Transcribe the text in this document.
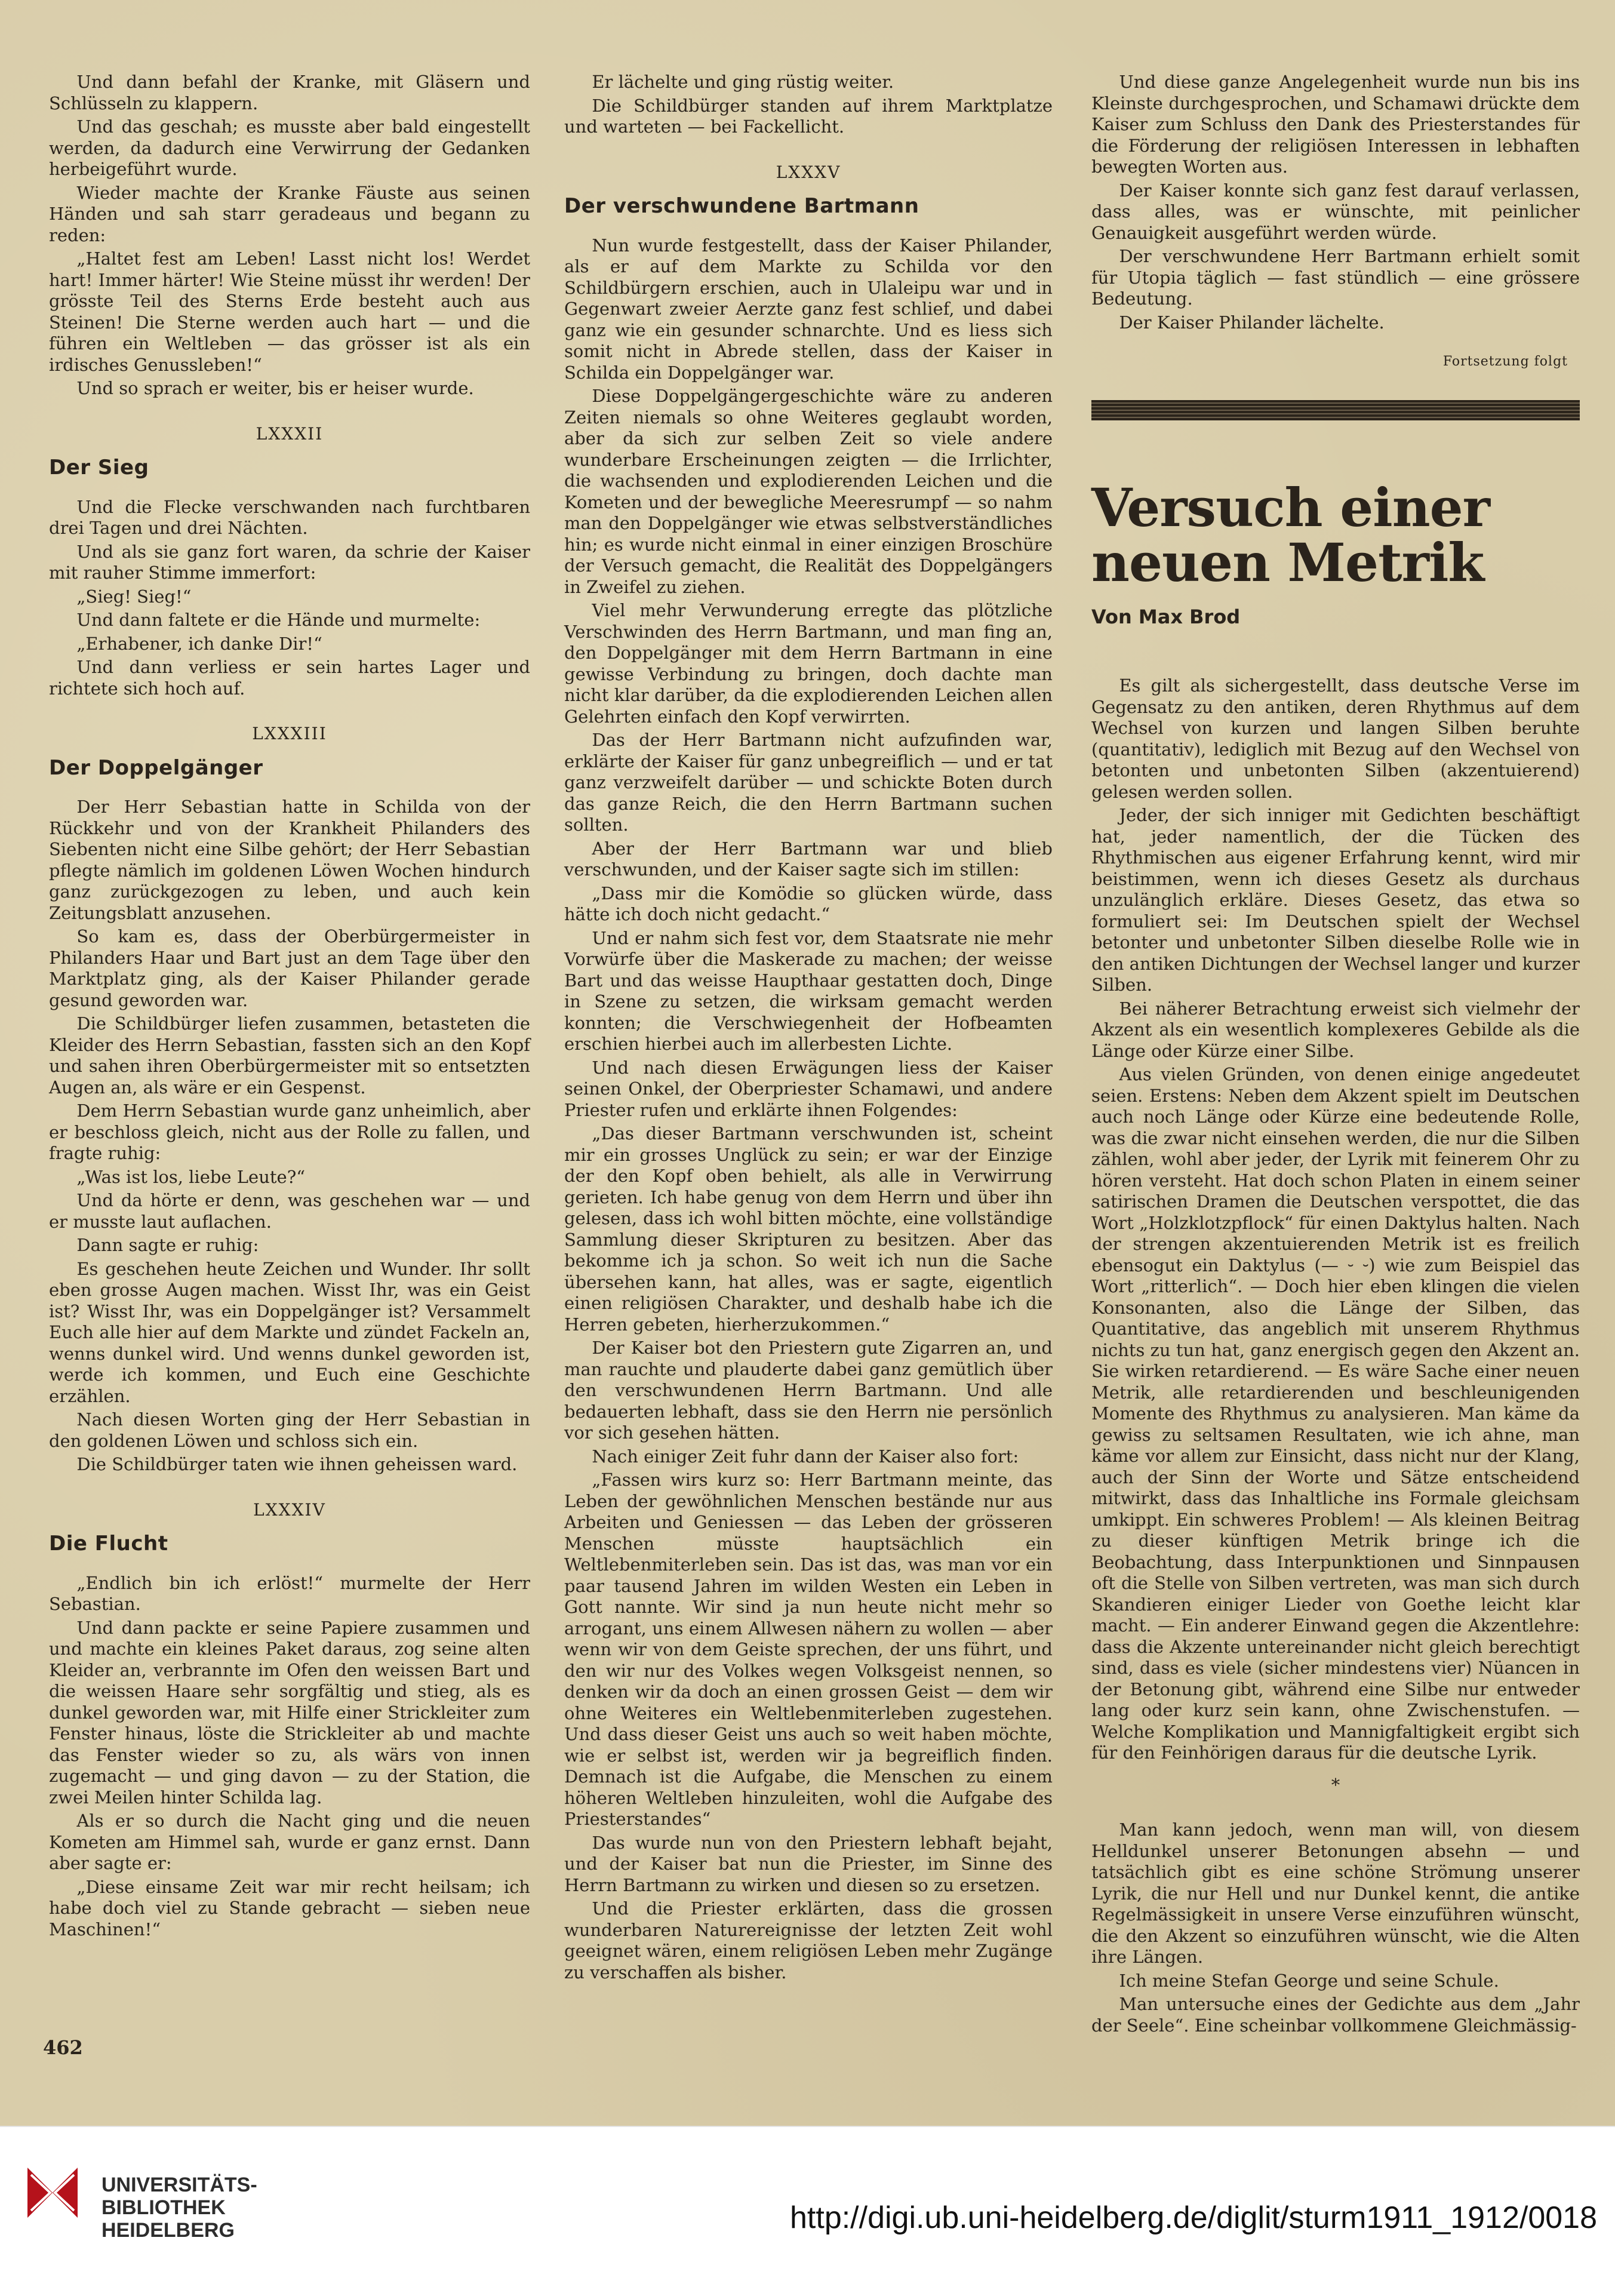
Und dann befahl der Kranke, mit Gläsern und Schlüsseln zu klappern.

Und das geschah; es musste aber bald eingestellt werden, da dadurch eine Verwirrung der Gedanken herbeigeführt wurde.

Wieder machte der Kranke Fäuste aus seinen Händen und sah starr geradeaus und begann zu reden:

„Haltet fest am Leben! Lasst nicht los! Werdet hart! Immer härter! Wie Steine müsst ihr werden! Der grösste Teil des Sterns Erde besteht auch aus Steinen! Die Sterne werden auch hart — und die führen ein Weltleben — das grösser ist als ein irdisches Genussleben!“

Und so sprach er weiter, bis er heiser wurde.

LXXXII
Der Sieg

Und die Flecke verschwanden nach furchtbaren drei Tagen und drei Nächten.

Und als sie ganz fort waren, da schrie der Kaiser mit rauher Stimme immerfort:

„Sieg! Sieg!“

Und dann faltete er die Hände und murmelte:

„Erhabener, ich danke Dir!“

Und dann verliess er sein hartes Lager und richtete sich hoch auf.

LXXXIII
Der Doppelgänger

Der Herr Sebastian hatte in Schilda von der Rückkehr und von der Krankheit Philanders des Siebenten nicht eine Silbe gehört; der Herr Sebastian pflegte nämlich im goldenen Löwen Wochen hindurch ganz zurückgezogen zu leben, und auch kein Zeitungsblatt anzusehen.

So kam es, dass der Oberbürgermeister in Philanders Haar und Bart just an dem Tage über den Marktplatz ging, als der Kaiser Philander gerade gesund geworden war.

Die Schildbürger liefen zusammen, betasteten die Kleider des Herrn Sebastian, fassten sich an den Kopf und sahen ihren Oberbürgermeister mit so entsetzten Augen an, als wäre er ein Gespenst.

Dem Herrn Sebastian wurde ganz unheimlich, aber er beschloss gleich, nicht aus der Rolle zu fallen, und fragte ruhig:

„Was ist los, liebe Leute?“

Und da hörte er denn, was geschehen war — und er musste laut auflachen.

Dann sagte er ruhig:

Es geschehen heute Zeichen und Wunder. Ihr sollt eben grosse Augen machen. Wisst Ihr, was ein Geist ist? Wisst Ihr, was ein Doppelgänger ist? Versammelt Euch alle hier auf dem Markte und zündet Fackeln an, wenns dunkel wird. Und wenns dunkel geworden ist, werde ich kommen, und Euch eine Geschichte erzählen.

Nach diesen Worten ging der Herr Sebastian in den goldenen Löwen und schloss sich ein.

Die Schildbürger taten wie ihnen geheissen ward.

LXXXIV
Die Flucht

„Endlich bin ich erlöst!“ murmelte der Herr Sebastian.

Und dann packte er seine Papiere zusammen und und machte ein kleines Paket daraus, zog seine alten Kleider an, verbrannte im Ofen den weissen Bart und die weissen Haare sehr sorgfältig und stieg, als es dunkel geworden war, mit Hilfe einer Strickleiter zum Fenster hinaus, löste die Strickleiter ab und machte das Fenster wieder so zu, als wärs von innen zugemacht — und ging davon — zu der Station, die zwei Meilen hinter Schilda lag.

Als er so durch die Nacht ging und die neuen Kometen am Himmel sah, wurde er ganz ernst. Dann aber sagte er:

„Diese einsame Zeit war mir recht heilsam; ich habe doch viel zu Stande gebracht — sieben neue Maschinen!“

Er lächelte und ging rüstig weiter.

Die Schildbürger standen auf ihrem Marktplatze und warteten — bei Fackellicht.

LXXXV
Der verschwundene Bartmann

Nun wurde festgestellt, dass der Kaiser Philander, als er auf dem Markte zu Schilda vor den Schildbürgern erschien, auch in Ulaleipu war und in Gegenwart zweier Aerzte ganz fest schlief, und dabei ganz wie ein gesunder schnarchte. Und es liess sich somit nicht in Abrede stellen, dass der Kaiser in Schilda ein Doppelgänger war.

Diese Doppelgängergeschichte wäre zu anderen Zeiten niemals so ohne Weiteres geglaubt worden, aber da sich zur selben Zeit so viele andere wunderbare Erscheinungen zeigten — die Irrlichter, die wachsenden und explodierenden Leichen und die Kometen und der bewegliche Meeresrumpf — so nahm man den Doppelgänger wie etwas selbstverständliches hin; es wurde nicht einmal in einer einzigen Broschüre der Versuch gemacht, die Realität des Doppelgängers in Zweifel zu ziehen.

Viel mehr Verwunderung erregte das plötzliche Verschwinden des Herrn Bartmann, und man fing an, den Doppelgänger mit dem Herrn Bartmann in eine gewisse Verbindung zu bringen, doch dachte man nicht klar darüber, da die explodierenden Leichen allen Gelehrten einfach den Kopf verwirrten.

Das der Herr Bartmann nicht aufzufinden war, erklärte der Kaiser für ganz unbegreiflich — und er tat ganz verzweifelt darüber — und schickte Boten durch das ganze Reich, die den Herrn Bartmann suchen sollten.

Aber der Herr Bartmann war und blieb verschwunden, und der Kaiser sagte sich im stillen:

„Dass mir die Komödie so glücken würde, dass hätte ich doch nicht gedacht.“

Und er nahm sich fest vor, dem Staatsrate nie mehr Vorwürfe über die Maskerade zu machen; der weisse Bart und das weisse Haupthaar gestatten doch, Dinge in Szene zu setzen, die wirksam gemacht werden konnten; die Verschwiegenheit der Hofbeamten erschien hierbei auch im allerbesten Lichte.

Und nach diesen Erwägungen liess der Kaiser seinen Onkel, der Oberpriester Schamawi, und andere Priester rufen und erklärte ihnen Folgendes:

„Das dieser Bartmann verschwunden ist, scheint mir ein grosses Unglück zu sein; er war der Einzige der den Kopf oben behielt, als alle in Verwirrung gerieten. Ich habe genug von dem Herrn und über ihn gelesen, dass ich wohl bitten möchte, eine vollständige Sammlung dieser Skripturen zu besitzen. Aber das bekomme ich ja schon. So weit ich nun die Sache übersehen kann, hat alles, was er sagte, eigentlich einen religiösen Charakter, und deshalb habe ich die Herren gebeten, hierherzukommen.“

Der Kaiser bot den Priestern gute Zigarren an, und man rauchte und plauderte dabei ganz gemütlich über den verschwundenen Herrn Bartmann. Und alle bedauerten lebhaft, dass sie den Herrn nie persönlich vor sich gesehen hätten.

Nach einiger Zeit fuhr dann der Kaiser also fort:

„Fassen wirs kurz so: Herr Bartmann meinte, das Leben der gewöhnlichen Menschen bestände nur aus Arbeiten und Geniessen — das Leben der grösseren Menschen müsste hauptsächlich ein Weltlebenmiterleben sein. Das ist das, was man vor ein paar tausend Jahren im wilden Westen ein Leben in Gott nannte. Wir sind ja nun heute nicht mehr so arrogant, uns einem Allwesen nähern zu wollen — aber wenn wir von dem Geiste sprechen, der uns führt, und den wir nur des Volkes wegen Volksgeist nennen, so denken wir da doch an einen grossen Geist — dem wir ohne Weiteres ein Weltlebenmiterleben zugestehen. Und dass dieser Geist uns auch so weit haben möchte, wie er selbst ist, werden wir ja begreiflich finden. Demnach ist die Aufgabe, die Menschen zu einem höheren Weltleben hinzuleiten, wohl die Aufgabe des Priesterstandes“

Das wurde nun von den Priestern lebhaft bejaht, und der Kaiser bat nun die Priester, im Sinne des Herrn Bartmann zu wirken und diesen so zu ersetzen.

Und die Priester erklärten, dass die grossen wunderbaren Naturereignisse der letzten Zeit wohl geeignet wären, einem religiösen Leben mehr Zugänge zu verschaffen als bisher.

Und diese ganze Angelegenheit wurde nun bis ins Kleinste durchgesprochen, und Schamawi drückte dem Kaiser zum Schluss den Dank des Priesterstandes für die Förderung der religiösen Interessen in lebhaften bewegten Worten aus.

Der Kaiser konnte sich ganz fest darauf verlassen, dass alles, was er wünschte, mit peinlicher Genauigkeit ausgeführt werden würde.

Der verschwundene Herr Bartmann erhielt somit für Utopia täglich — fast stündlich — eine grössere Bedeutung.

Der Kaiser Philander lächelte.

Fortsetzung folgt

Versuch einer neuen Metrik
Von Max Brod

Es gilt als sichergestellt, dass deutsche Verse im Gegensatz zu den antiken, deren Rhythmus auf dem Wechsel von kurzen und langen Silben beruhte (quantitativ), lediglich mit Bezug auf den Wechsel von betonten und unbetonten Silben (akzentuierend) gelesen werden sollen.

Jeder, der sich inniger mit Gedichten beschäftigt hat, jeder namentlich, der die Tücken des Rhythmischen aus eigener Erfahrung kennt, wird mir beistimmen, wenn ich dieses Gesetz als durchaus unzulänglich erkläre. Dieses Gesetz, das etwa so formuliert sei: Im Deutschen spielt der Wechsel betonter und unbetonter Silben dieselbe Rolle wie in den antiken Dichtungen der Wechsel langer und kurzer Silben.

Bei näherer Betrachtung erweist sich vielmehr der Akzent als ein wesentlich komplexeres Gebilde als die Länge oder Kürze einer Silbe.

Aus vielen Gründen, von denen einige angedeutet seien. Erstens: Neben dem Akzent spielt im Deutschen auch noch Länge oder Kürze eine bedeutende Rolle, was die zwar nicht einsehen werden, die nur die Silben zählen, wohl aber jeder, der Lyrik mit feinerem Ohr zu hören versteht. Hat doch schon Platen in einem seiner satirischen Dramen die Deutschen verspottet, die das Wort „Holzklotzpflock“ für einen Daktylus halten. Nach der strengen akzentuierenden Metrik ist es freilich ebensogut ein Daktylus (— ⏑ ⏑) wie zum Beispiel das Wort „ritterlich“. — Doch hier eben klingen die vielen Konsonanten, also die Länge der Silben, das Quantitative, das angeblich mit unserem Rhythmus nichts zu tun hat, ganz energisch gegen den Akzent an. Sie wirken retardierend. — Es wäre Sache einer neuen Metrik, alle retardierenden und beschleunigenden Momente des Rhythmus zu analysieren. Man käme da gewiss zu seltsamen Resultaten, wie ich ahne, man käme vor allem zur Einsicht, dass nicht nur der Klang, auch der Sinn der Worte und Sätze entscheidend mitwirkt, dass das Inhaltliche ins Formale gleichsam umkippt. Ein schweres Problem! — Als kleinen Beitrag zu dieser künftigen Metrik bringe ich die Beobachtung, dass Interpunktionen und Sinnpausen oft die Stelle von Silben vertreten, was man sich durch Skandieren einiger Lieder von Goethe leicht klar macht. — Ein anderer Einwand gegen die Akzentlehre: dass die Akzente untereinander nicht gleich berechtigt sind, dass es viele (sicher mindestens vier) Nüancen in der Betonung gibt, während eine Silbe nur entweder lang oder kurz sein kann, ohne Zwischenstufen. — Welche Komplikation und Mannigfaltigkeit ergibt sich für den Feinhörigen daraus für die deutsche Lyrik.

*

Man kann jedoch, wenn man will, von diesem Helldunkel unserer Betonungen absehn — und tatsächlich gibt es eine schöne Strömung unserer Lyrik, die nur Hell und nur Dunkel kennt, die antike Regelmässigkeit in unsere Verse einzuführen wünscht, die den Akzent so einzuführen wünscht, wie die Alten ihre Längen.

Ich meine Stefan George und seine Schule.

Man untersuche eines der Gedichte aus dem „Jahr der Seele“. Eine scheinbar vollkommene Gleichmässig-

462
UNIVERSITÄTS-
BIBLIOTHEK
HEIDELBERG	http://digi.ub.uni-heidelberg.de/diglit/sturm1911_1912/0018
